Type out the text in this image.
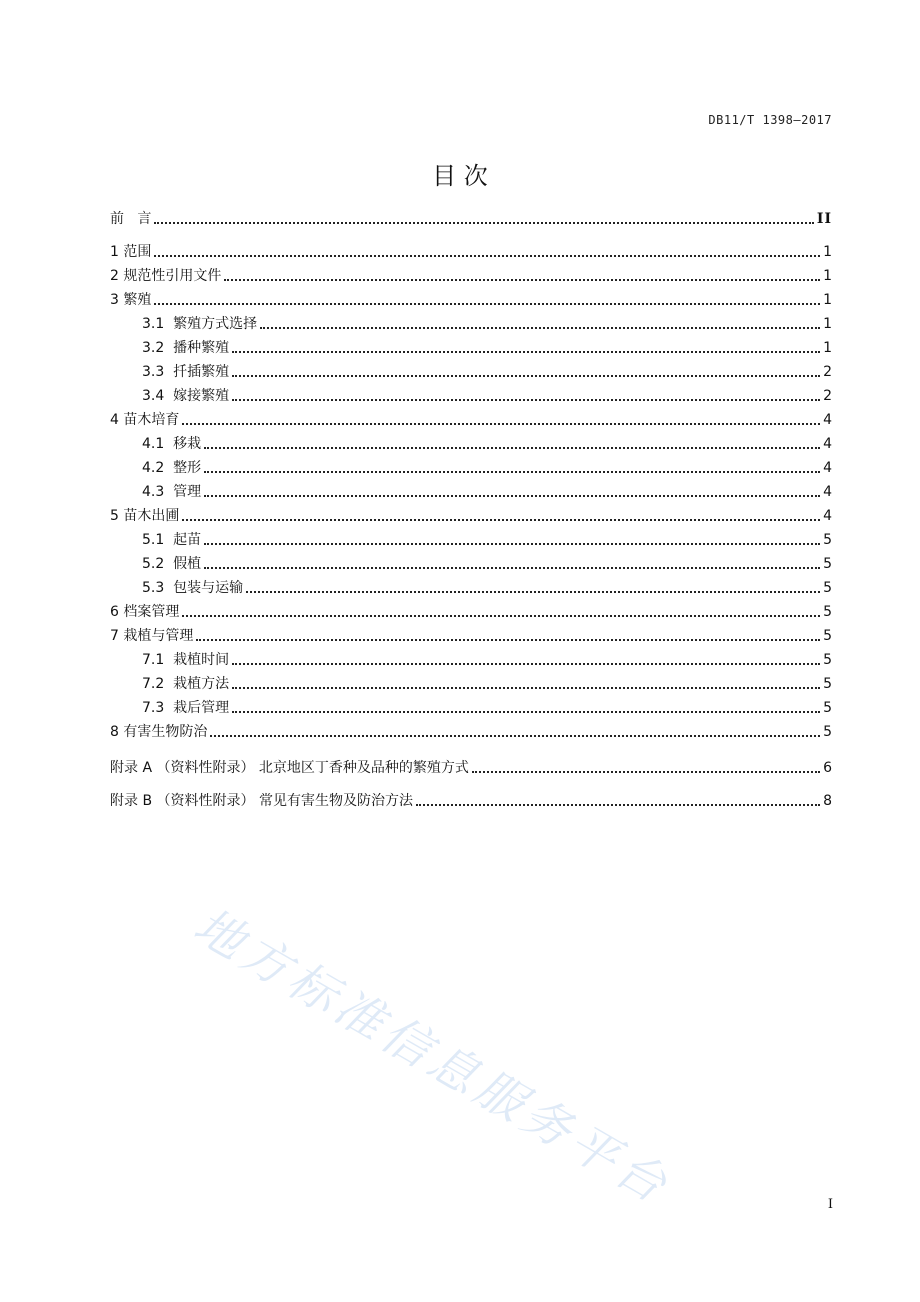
DB11/T 1398—2017
目 次
前   言	II
1 范围	1
2 规范性引用文件	1
3 繁殖	1
3.1  繁殖方式选择	1
3.2  播种繁殖	1
3.3  扦插繁殖	2
3.4  嫁接繁殖	2
4 苗木培育	4
4.1  移栽	4
4.2  整形	4
4.3  管理	4
5 苗木出圃	4
5.1  起苗	5
5.2  假植	5
5.3  包装与运输	5
6 档案管理	5
7 栽植与管理	5
7.1  栽植时间	5
7.2  栽植方法	5
7.3  栽后管理	5
8 有害生物防治	5
附录 A （资料性附录） 北京地区丁香种及品种的繁殖方式	6
附录 B （资料性附录） 常见有害生物及防治方法	8
地方标准信息服务平台	I
